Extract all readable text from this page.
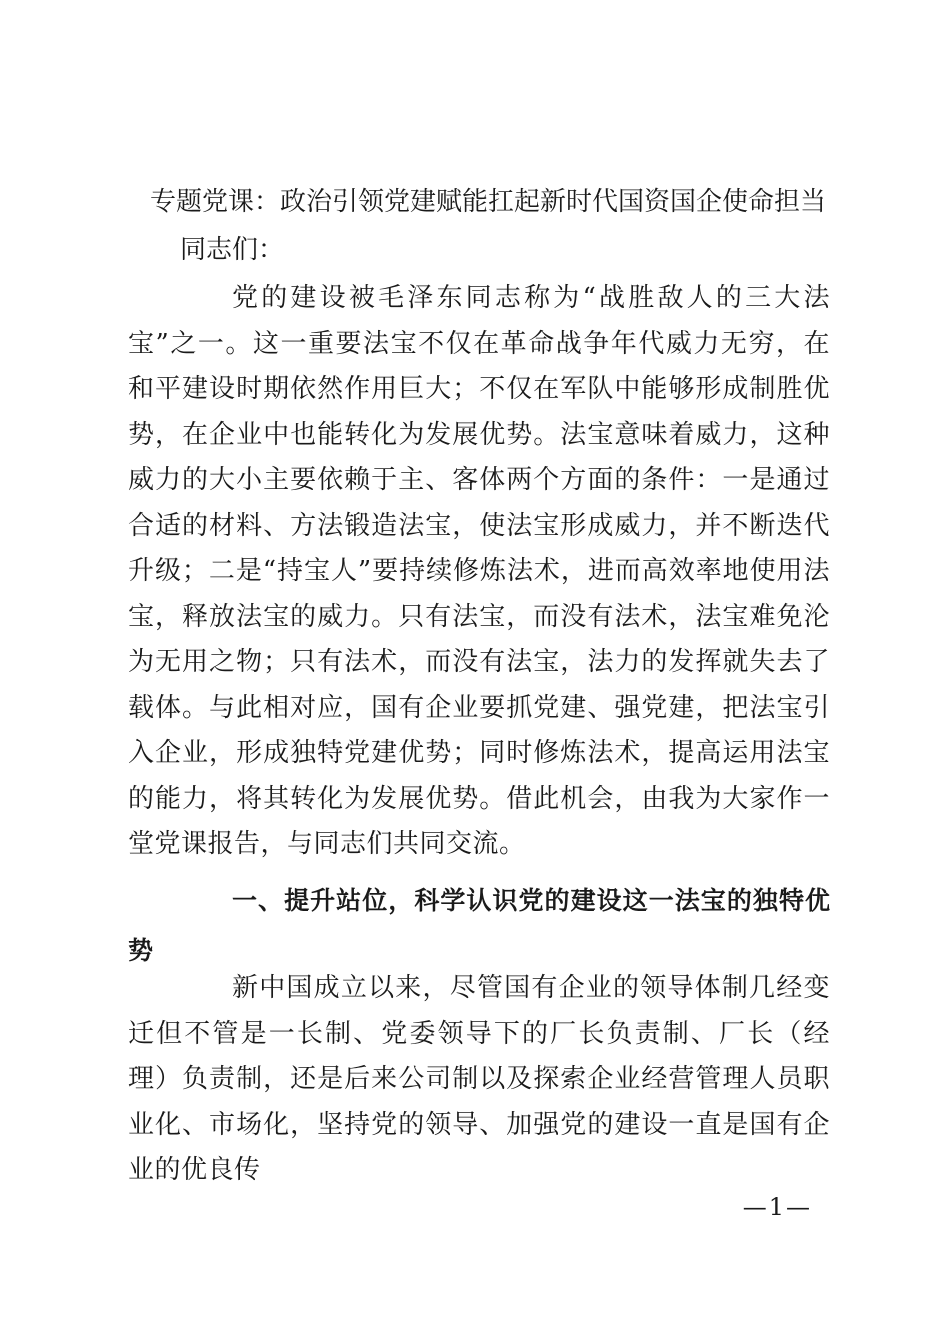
专题党课：政治引领党建赋能扛起新时代国资国企使命担当
同志们：

党的建设被毛泽东同志称为“战胜敌人的三大法宝”之一。这一重要法宝不仅在革命战争年代威力无穷，在和平建设时期依然作用巨大；不仅在军队中能够形成制胜优势，在企业中也能转化为发展优势。法宝意味着威力，这种威力的大小主要依赖于主、客体两个方面的条件：一是通过合适的材料、方法锻造法宝，使法宝形成威力，并不断迭代升级；二是“持宝人”要持续修炼法术，进而高效率地使用法宝，释放法宝的威力。只有法宝，而没有法术，法宝难免沦为无用之物；只有法术，而没有法宝，法力的发挥就失去了载体。与此相对应，国有企业要抓党建、强党建，把法宝引入企业，形成独特党建优势；同时修炼法术，提高运用法宝的能力，将其转化为发展优势。借此机会，由我为大家作一堂党课报告，与同志们共同交流。

一、提升站位，科学认识党的建设这一法宝的独特优势

新中国成立以来，尽管国有企业的领导体制几经变迁但不管是一长制、党委领导下的厂长负责制、厂长（经理）负责制，还是后来公司制以及探索企业经营管理人员职业化、市场化，坚持党的领导、加强党的建设一直是国有企业的优良传

—1—
